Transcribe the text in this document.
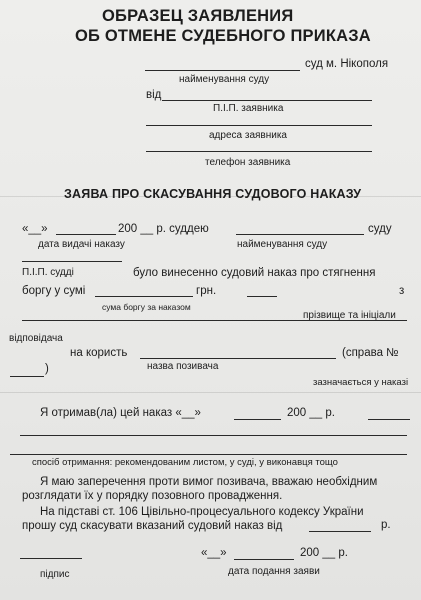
ОБРАЗЕЦ ЗАЯВЛЕНИЯ
ОБ ОТМЕНЕ СУДЕБНОГО ПРИКАЗА
суд м. Нікополя
найменування суду
від
П.І.П. заявника
адреса заявника
телефон заявника
ЗАЯВА ПРО СКАСУВАННЯ СУДОВОГО НАКАЗУ
«__»	200 __ р. суддею	суду
дата видачі наказу	найменування суду
П.І.П. судді	було винесенно судовий наказ про стягнення
боргу у сумі	грн.	з
сума боргу за наказом
прізвище та ініціали
відповідача
на користь	(справа №
)	назва позивача
зазначається у наказі
Я отримав(ла) цей наказ «__»	200 __ р.
спосіб отримання: рекомендованим листом, у суді, у виконавця тощо
Я маю заперечення проти вимог позивача, вважаю необхідним
розглядати їх у порядку позовного провадження.
На підставі ст. 106 Цівільно-процесуального кодексу України
прошу суд скасувати вказаний судовий наказ від	р.
підпис
«__»	200 __ р.
дата подання заяви
